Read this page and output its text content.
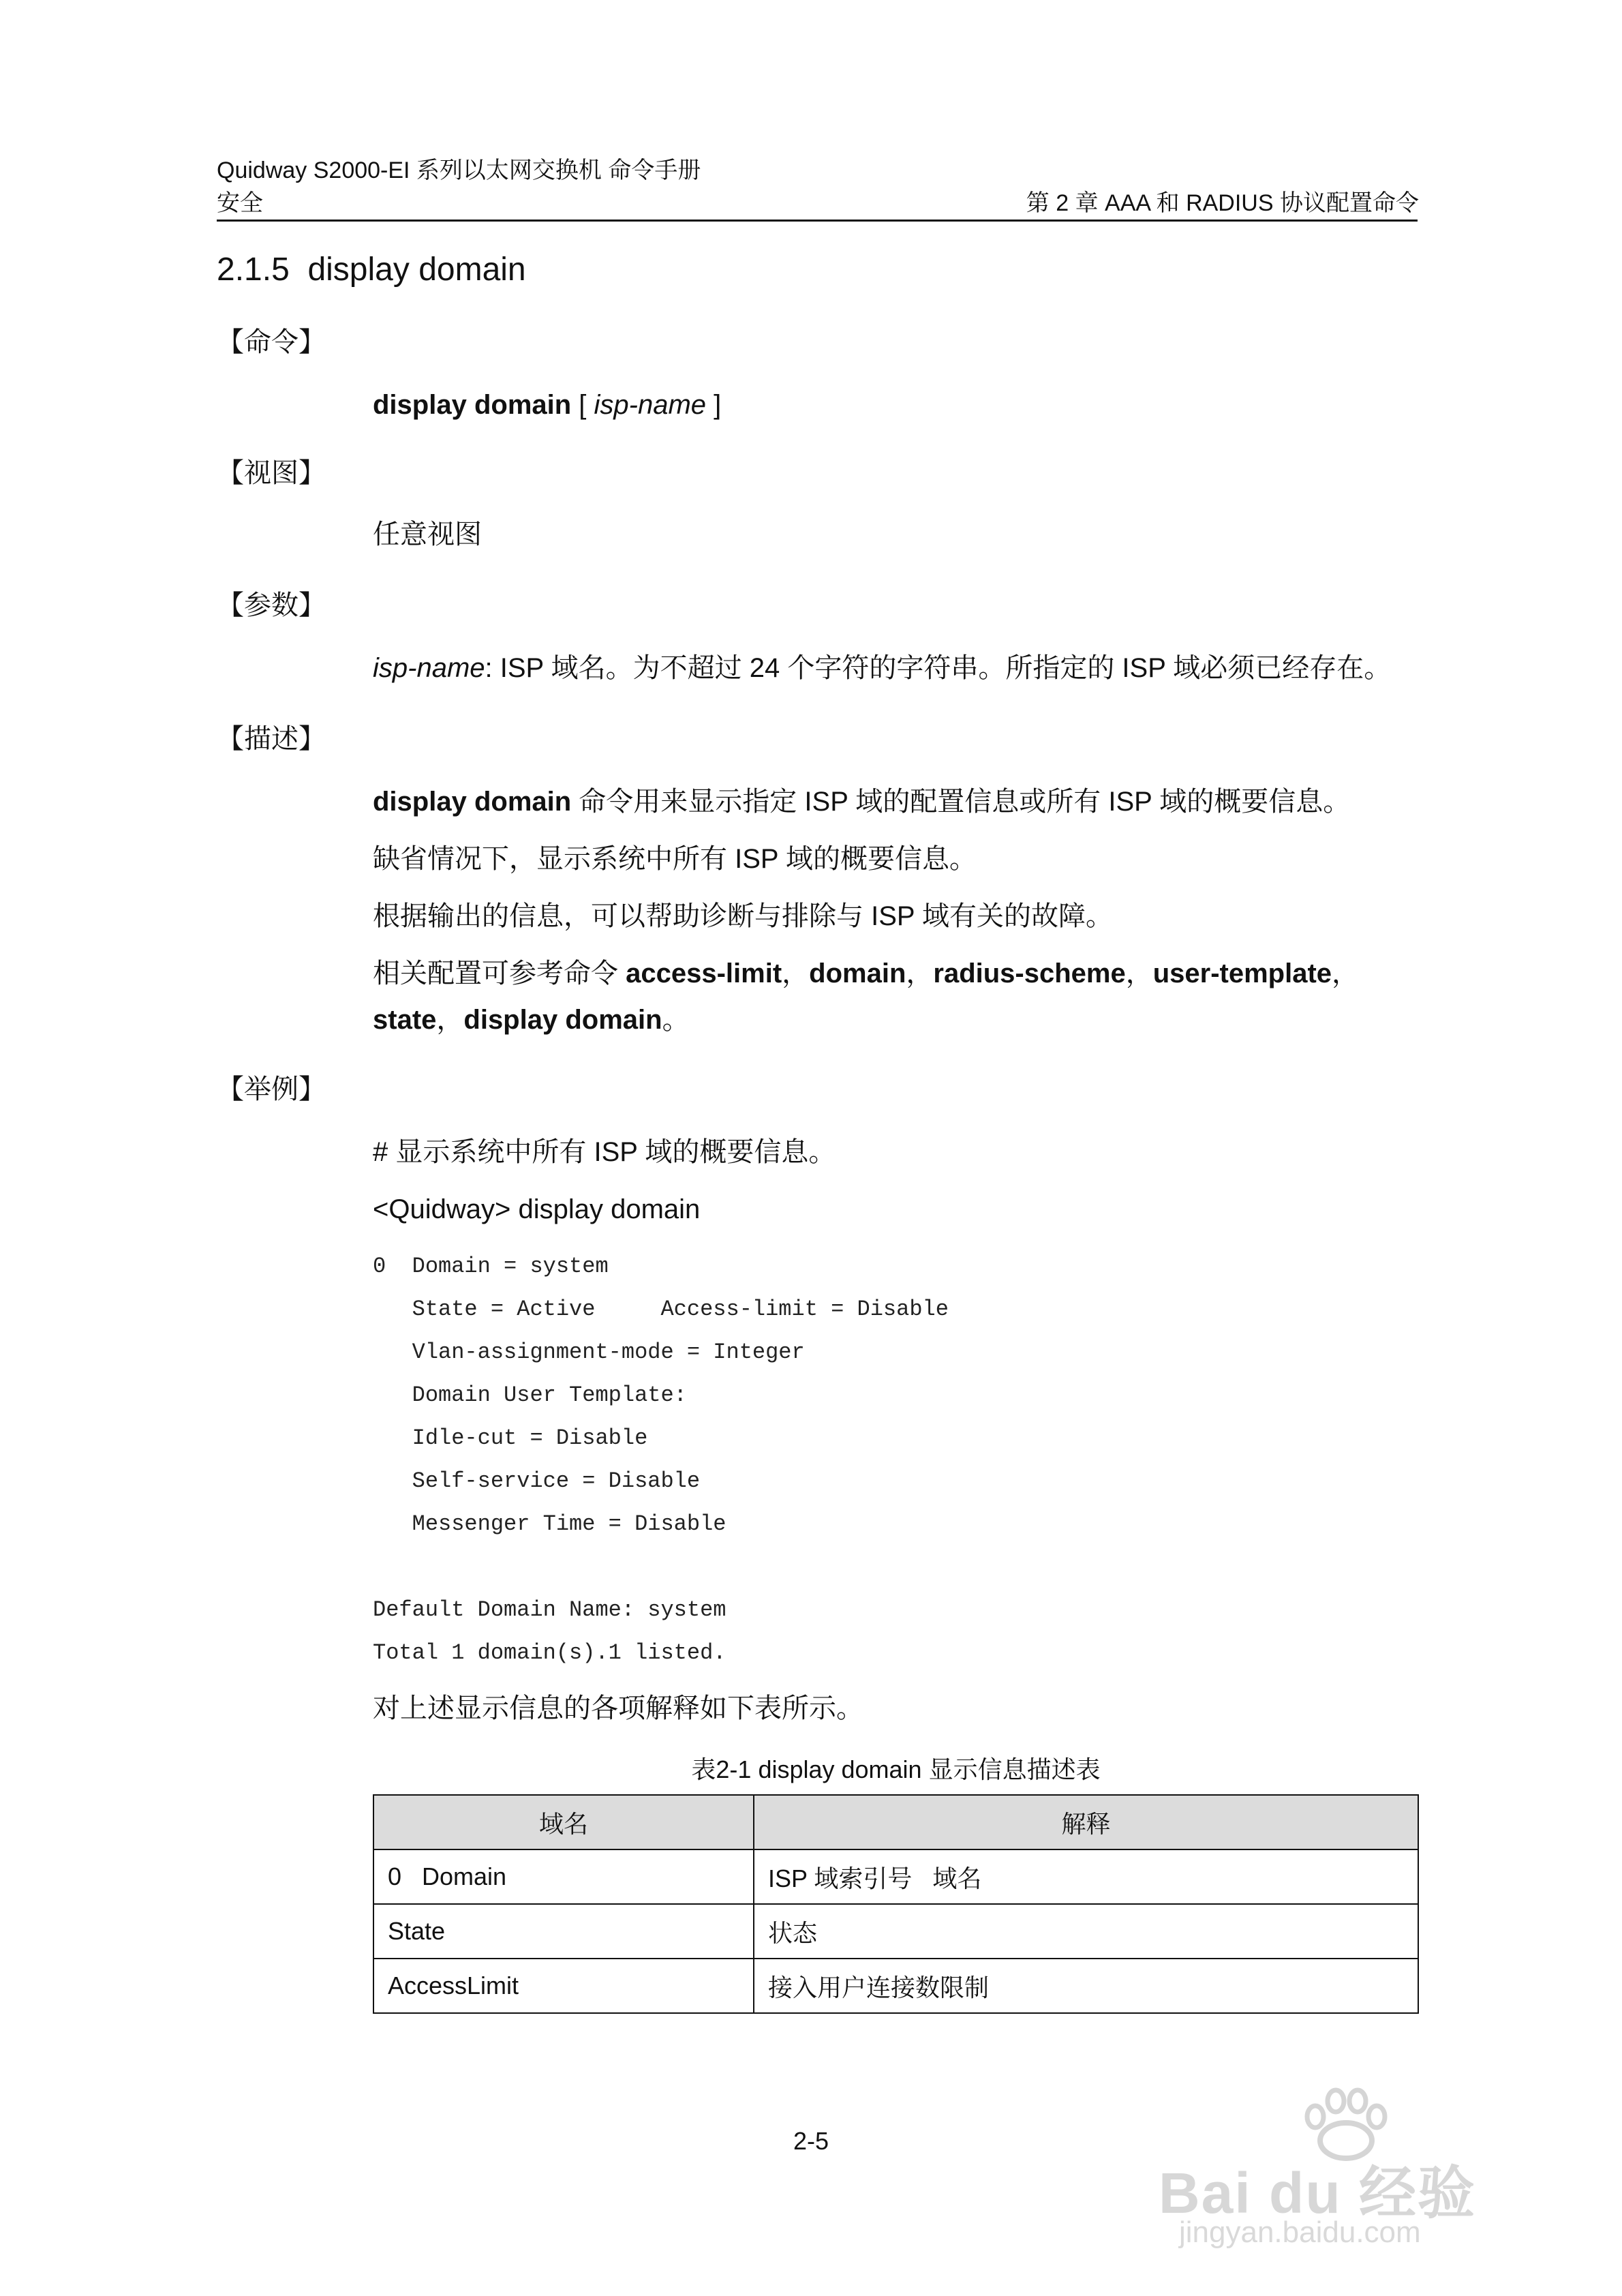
Quidway S2000-EI 系列以太网交换机 命令手册
安全	第 2 章 AAA 和 RADIUS 协议配置命令
2.1.5 display domain
【命令】
display domain [ isp-name ]
【视图】
任意视图
【参数】
isp-name: ISP 域名。为不超过 24 个字符的字符串。所指定的 ISP 域必须已经存在。
【描述】
display domain 命令用来显示指定 ISP 域的配置信息或所有 ISP 域的概要信息。
缺省情况下，显示系统中所有 ISP 域的概要信息。
根据输出的信息，可以帮助诊断与排除与 ISP 域有关的故障。
相关配置可参考命令 access-limit，domain，radius-scheme，user-template，
state，display domain。
【举例】
# 显示系统中所有 ISP 域的概要信息。
<Quidway> display domain
0  Domain = system
State = Active     Access-limit = Disable
Vlan-assignment-mode = Integer
Domain User Template:
Idle-cut = Disable
Self-service = Disable
Messenger Time = Disable
Default Domain Name: system
Total 1 domain(s).1 listed.
对上述显示信息的各项解释如下表所示。
表2-1 display domain 显示信息描述表
域名	解释
0   Domain	ISP 域索引号   域名
State	状态
AccessLimit	接入用户连接数限制
2-5
Bai du 经验
jingyan.baidu.com
